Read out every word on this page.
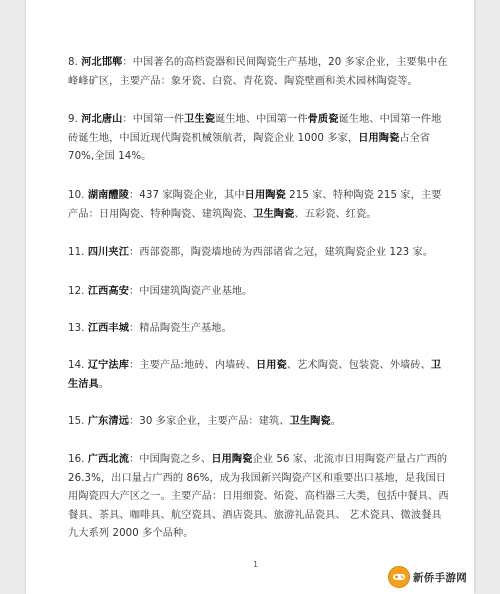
8. 河北邯郸：中国著名的高档瓷器和民间陶瓷生产基地，20 多家企业，主要集中在峰峰矿区，主要产品：象牙瓷、白瓷、青花瓷、陶瓷壁画和美术园林陶瓷等。

9. 河北唐山：中国第一件卫生瓷诞生地、中国第一件骨质瓷诞生地、中国第一件地砖诞生地，中国近现代陶瓷机械领航者，陶瓷企业 1000 多家，日用陶瓷占全省 70%,全国 14%。

10. 湖南醴陵：437 家陶瓷企业，其中日用陶瓷 215 家、特种陶瓷 215 家，主要产品：日用陶瓷、特种陶瓷、建筑陶瓷、卫生陶瓷、五彩瓷、红瓷。

11. 四川夹江：西部瓷都，陶瓷墙地砖为西部诸省之冠，建筑陶瓷企业 123 家。

12. 江西高安：中国建筑陶瓷产业基地。

13. 江西丰城：精品陶瓷生产基地。

14. 辽宁法库：主要产品:地砖、内墙砖、日用瓷、艺术陶瓷、包装瓷、外墙砖、卫生洁具。

15. 广东清远：30 多家企业，主要产品：建筑、卫生陶瓷。

16. 广西北流：中国陶瓷之乡、日用陶瓷企业 56 家、北流市日用陶瓷产量占广西的 26.3%，出口量占广西的 86%，成为我国新兴陶瓷产区和重要出口基地，是我国日用陶瓷四大产区之一。主要产品：日用细瓷、炻瓷、高档器三大类，包括中餐具、西餐具、茶具、咖啡具、航空瓷具、酒店瓷具、旅游礼品瓷具、 艺术瓷具、微波餐具九大系列 2000 多个品种。

1
新侨手游网
